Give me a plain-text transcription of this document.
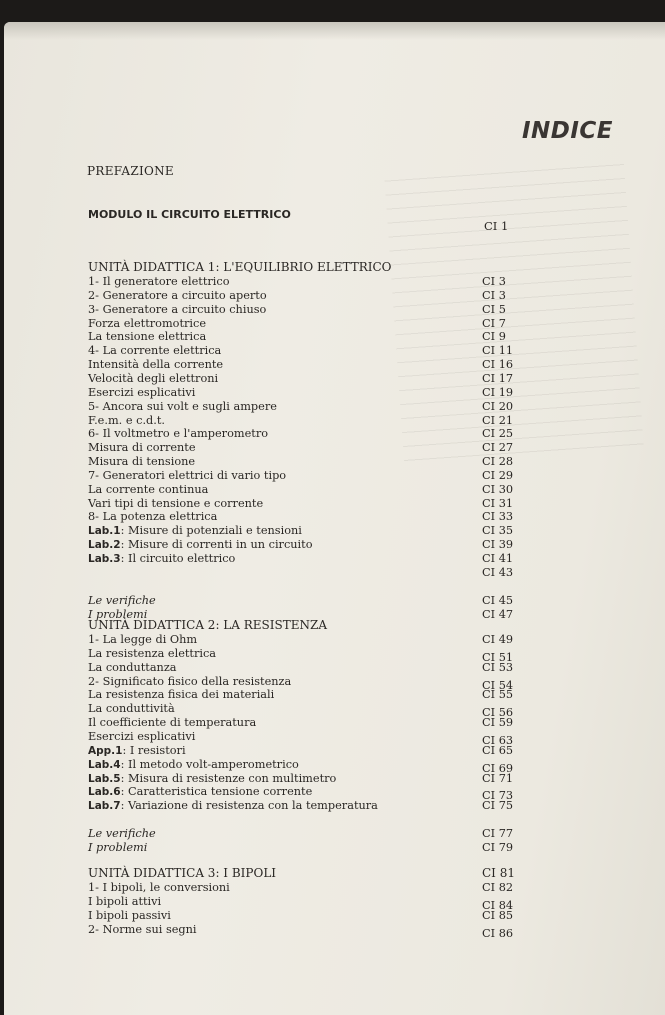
INDICE
PREFAZIONE
MODULO IL CIRCUITO ELETTRICO
CI 1
UNITÀ DIDATTICA 1: L'EQUILIBRIO ELETTRICO
1- Il generatore elettrico	CI 3
2- Generatore a circuito aperto	CI 3
3- Generatore a circuito chiuso	CI 5
Forza elettromotrice	CI 7
La tensione elettrica	CI 9
4- La corrente elettrica	CI 11
Intensità della corrente	CI 16
Velocità degli elettroni	CI 17
Esercizi esplicativi	CI 19
5- Ancora sui volt e sugli ampere	CI 20
F.e.m. e c.d.t.	CI 21
6- Il voltmetro e l'amperometro	CI 25
Misura di corrente	CI 27
Misura di tensione	CI 28
7- Generatori elettrici di vario tipo	CI 29
La corrente continua	CI 30
Vari tipi di tensione e corrente	CI 31
8- La potenza elettrica	CI 33
Lab.1: Misure di potenziali e tensioni	CI 35
Lab.2: Misure di correnti in un circuito	CI 39
Lab.3: Il circuito elettrico	CI 41
CI 43
Le verifiche	CI 45
I problemi	CI 47
UNITÀ DIDATTICA 2: LA RESISTENZA
1- La legge di Ohm	CI 49
La resistenza elettrica	CI 51
La conduttanza	CI 53
2- Significato fisico della resistenza	CI 54
La resistenza fisica dei materiali	CI 55
La conduttività	CI 56
Il coefficiente di temperatura	CI 59
Esercizi esplicativi	CI 63
App.1: I resistori	CI 65
Lab.4: Il metodo volt-amperometrico	CI 69
Lab.5: Misura di resistenze con multimetro	CI 71
Lab.6: Caratteristica tensione corrente	CI 73
Lab.7: Variazione di resistenza con la temperatura	CI 75
Le verifiche	CI 77
I problemi	CI 79
UNITÀ DIDATTICA 3: I BIPOLI	CI 81
1- I bipoli, le conversioni	CI 82
I bipoli attivi	CI 84
I bipoli passivi	CI 85
2- Norme sui segni	CI 86
